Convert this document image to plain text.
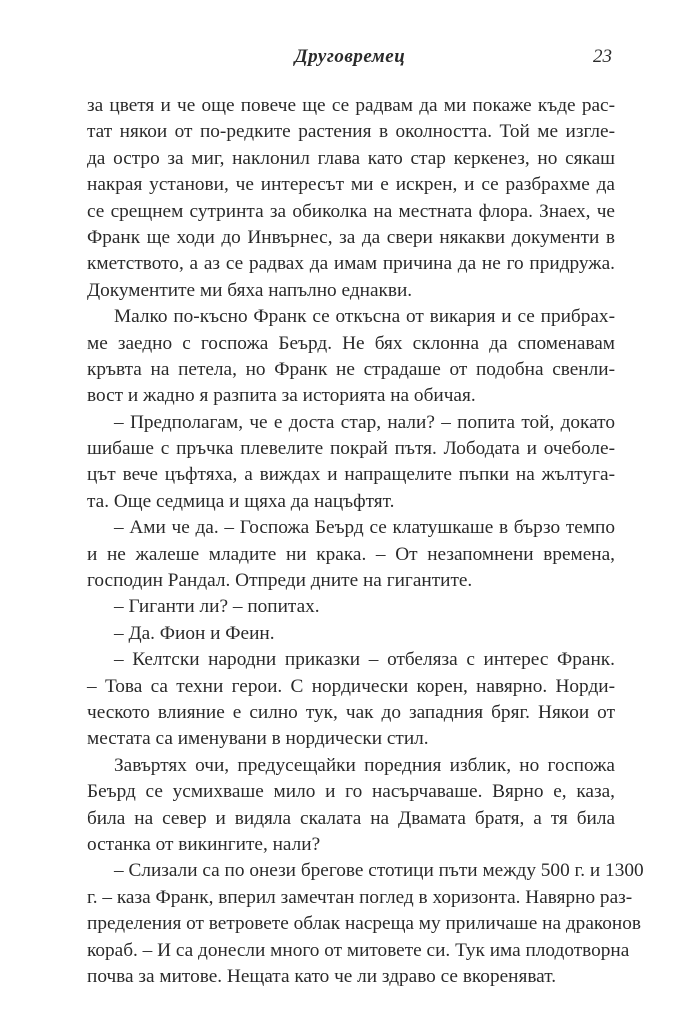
Друговремец	23
за цветя и че още повече ще се радвам да ми покаже къде рас-
тат някои от по-редките растения в околността. Той ме изгле-
да остро за миг, наклонил глава като стар керкенез, но сякаш
накрая установи, че интересът ми е искрен, и се разбрахме да
се срещнем сутринта за обиколка на местната флора. Знаех, че
Франк ще ходи до Инвърнес, за да свери някакви документи в
кметството, а аз се радвах да имам причина да не го придружа.
Документите ми бяха напълно еднакви.
Малко по-късно Франк се откъсна от викария и се прибрах-
ме заедно с госпожа Беърд. Не бях склонна да споменавам
кръвта на петела, но Франк не страдаше от подобна свенли-
вост и жадно я разпита за историята на обичая.
– Предполагам, че е доста стар, нали? – попита той, докато
шибаше с пръчка плевелите покрай пътя. Лободата и очеболе-
цът вече цъфтяха, а виждах и напращелите пъпки на жълтуга-
та. Още седмица и щяха да нацъфтят.
– Ами че да. – Госпожа Беърд се клатушкаше в бързо темпо
и не жалеше младите ни крака. – От незапомнени времена,
господин Рандал. Отпреди дните на гигантите.
– Гиганти ли? – попитах.
– Да. Фион и Феин.
– Келтски народни приказки – отбеляза с интерес Франк.
– Това са техни герои. С нордически корен, навярно. Норди-
ческото влияние е силно тук, чак до западния бряг. Някои от
местата са именувани в нордически стил.
Завъртях очи, предусещайки поредния изблик, но госпожа
Беърд се усмихваше мило и го насърчаваше. Вярно е, каза,
била на север и видяла скалата на Двамата братя, а тя била
останка от викингите, нали?
– Слизали са по онези брегове стотици пъти между 500 г. и 1300
г. – каза Франк, вперил замечтан поглед в хоризонта. Навярно раз-
пределения от ветровете облак насреща му приличаше на драконов
кораб. – И са донесли много от митовете си. Тук има плодотворна
почва за митове. Нещата като че ли здраво се вкореняват.
